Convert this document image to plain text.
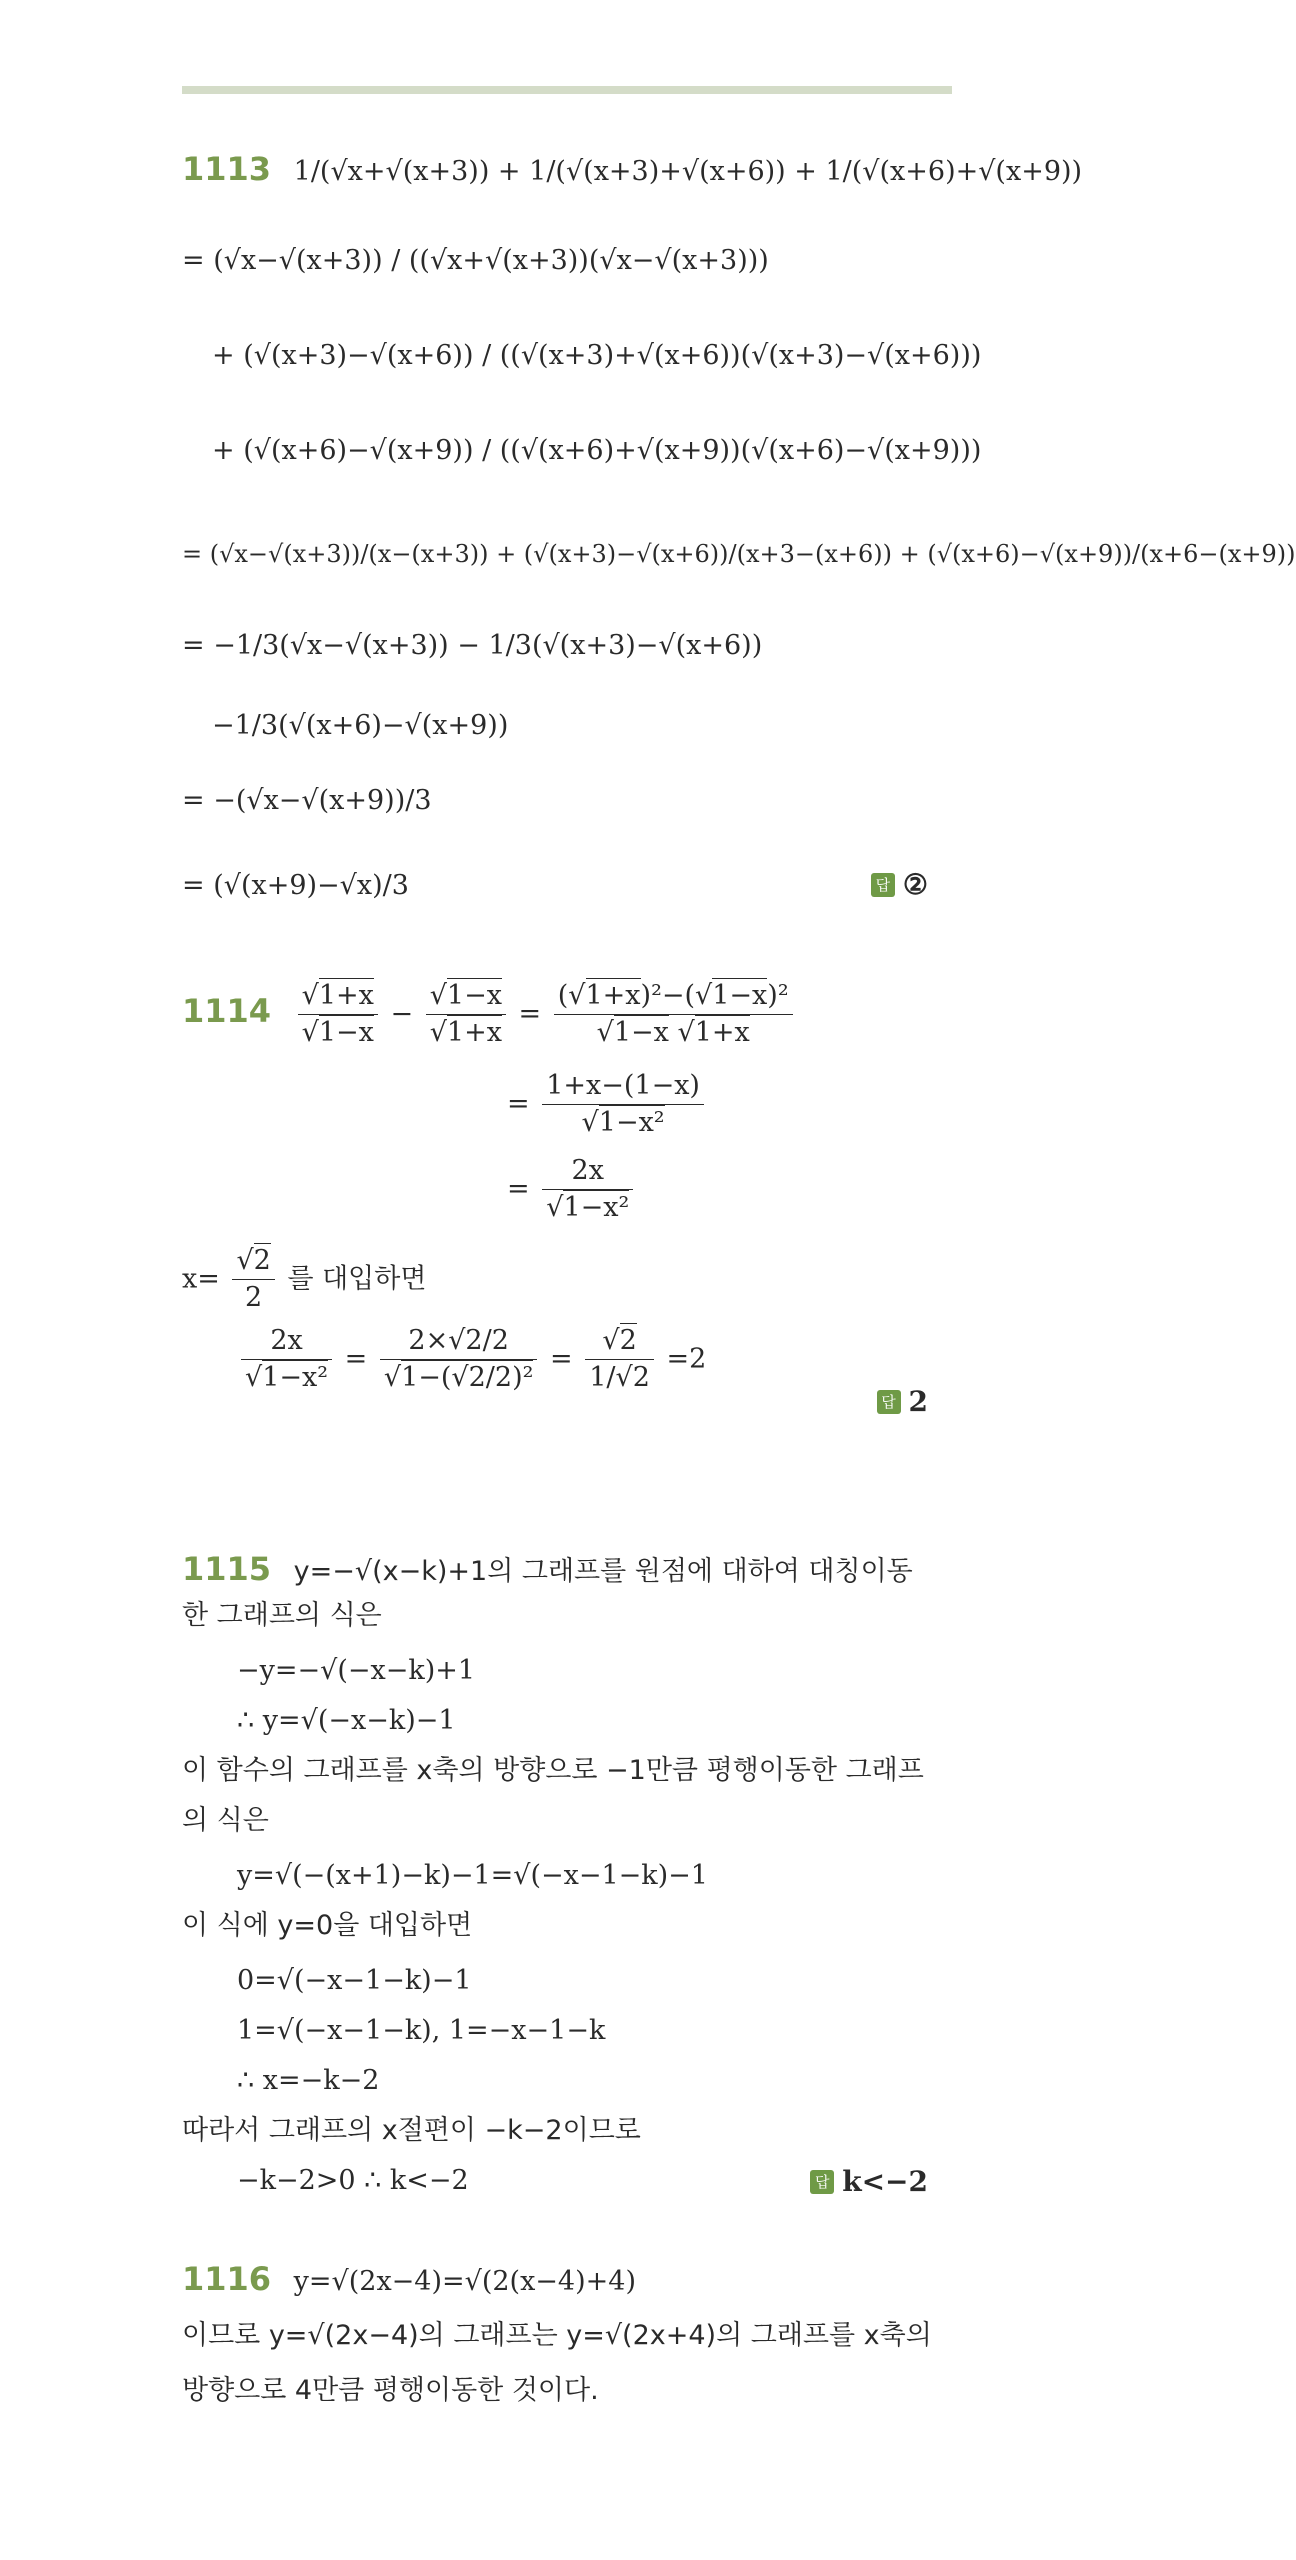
1113 1/(√x+√(x+3)) + 1/(√(x+3)+√(x+6)) + 1/(√(x+6)+√(x+9))
= (√x−√(x+3)) / ((√x+√(x+3))(√x−√(x+3)))
+ (√(x+3)−√(x+6)) / ((√(x+3)+√(x+6))(√(x+3)−√(x+6)))
+ (√(x+6)−√(x+9)) / ((√(x+6)+√(x+9))(√(x+6)−√(x+9)))
= (√x−√(x+3))/(x−(x+3)) + (√(x+3)−√(x+6))/(x+3−(x+6)) + (√(x+6)−√(x+9))/(x+6−(x+9))
= −1/3(√x−√(x+3)) − 1/3(√(x+3)−√(x+6))
−1/3(√(x+6)−√(x+9))
= −(√x−√(x+9))/3
= (√(x+9)−√x)/3	답 ②
$1114 \frac{√1+x}{√1-x} - \frac{√1-x}{√1+x} = \frac{\text{(√1+x)²−(√1−x)²}}{√1-x √1+x}$
= $\frac{1+x-(1-x)}{\text{√1−x²}}$
= $\frac{2x}{\text{√1−x²}}$
$x= \frac{√2}{2}$ 를 대입하면
$\frac{2x}{\text{√1−x²}} = \frac{2\times√2/2}{\text{√1−(√2/2)²}} = \frac{√2}{1/√2} =2$
답 2
1115 y=−√(x−k)+1의 그래프를 원점에 대하여 대칭이동
한 그래프의 식은
−y=−√(−x−k)+1
∴ y=√(−x−k)−1
이 함수의 그래프를 x축의 방향으로 −1만큼 평행이동한 그래프
의 식은
y=√(−(x+1)−k)−1=√(−x−1−k)−1
이 식에 y=0을 대입하면
0=√(−x−1−k)−1
1=√(−x−1−k), 1=−x−1−k
∴ x=−k−2
따라서 그래프의 x절편이 −k−2이므로
−k−2>0 ∴ k<−2	답 k<−2
1116 y=√(2x−4)=√(2(x−4)+4)
이므로 y=√(2x−4)의 그래프는 y=√(2x+4)의 그래프를 x축의
방향으로 4만큼 평행이동한 것이다.
